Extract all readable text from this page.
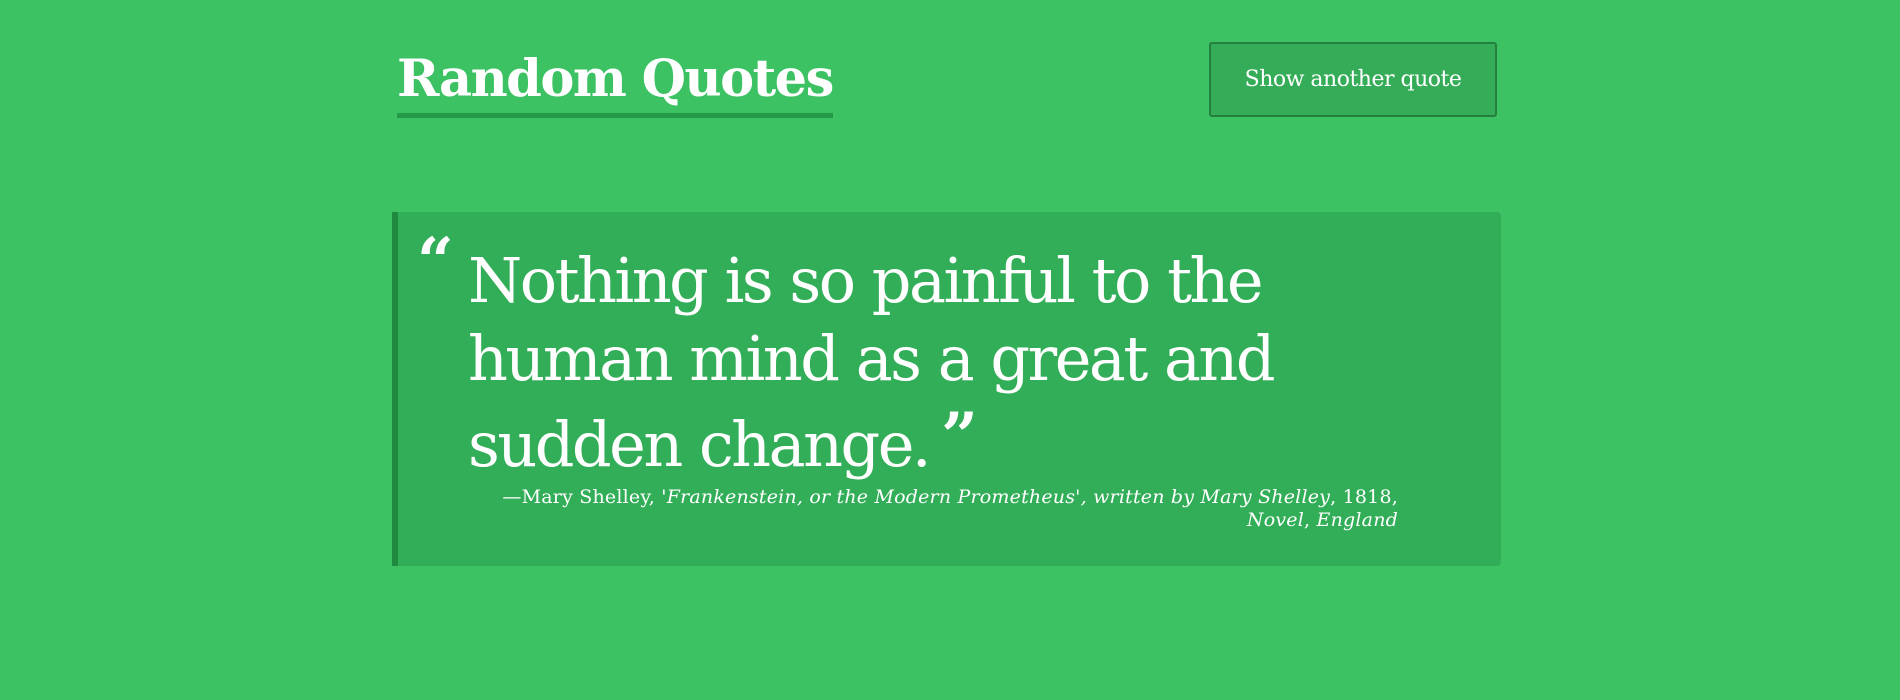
Random Quotes	Show another quote
“ Nothing is so painful to the human mind as a great and sudden change. ”

—Mary Shelley, 'Frankenstein, or the Modern Prometheus', written by Mary Shelley, 1818, Novel, England
